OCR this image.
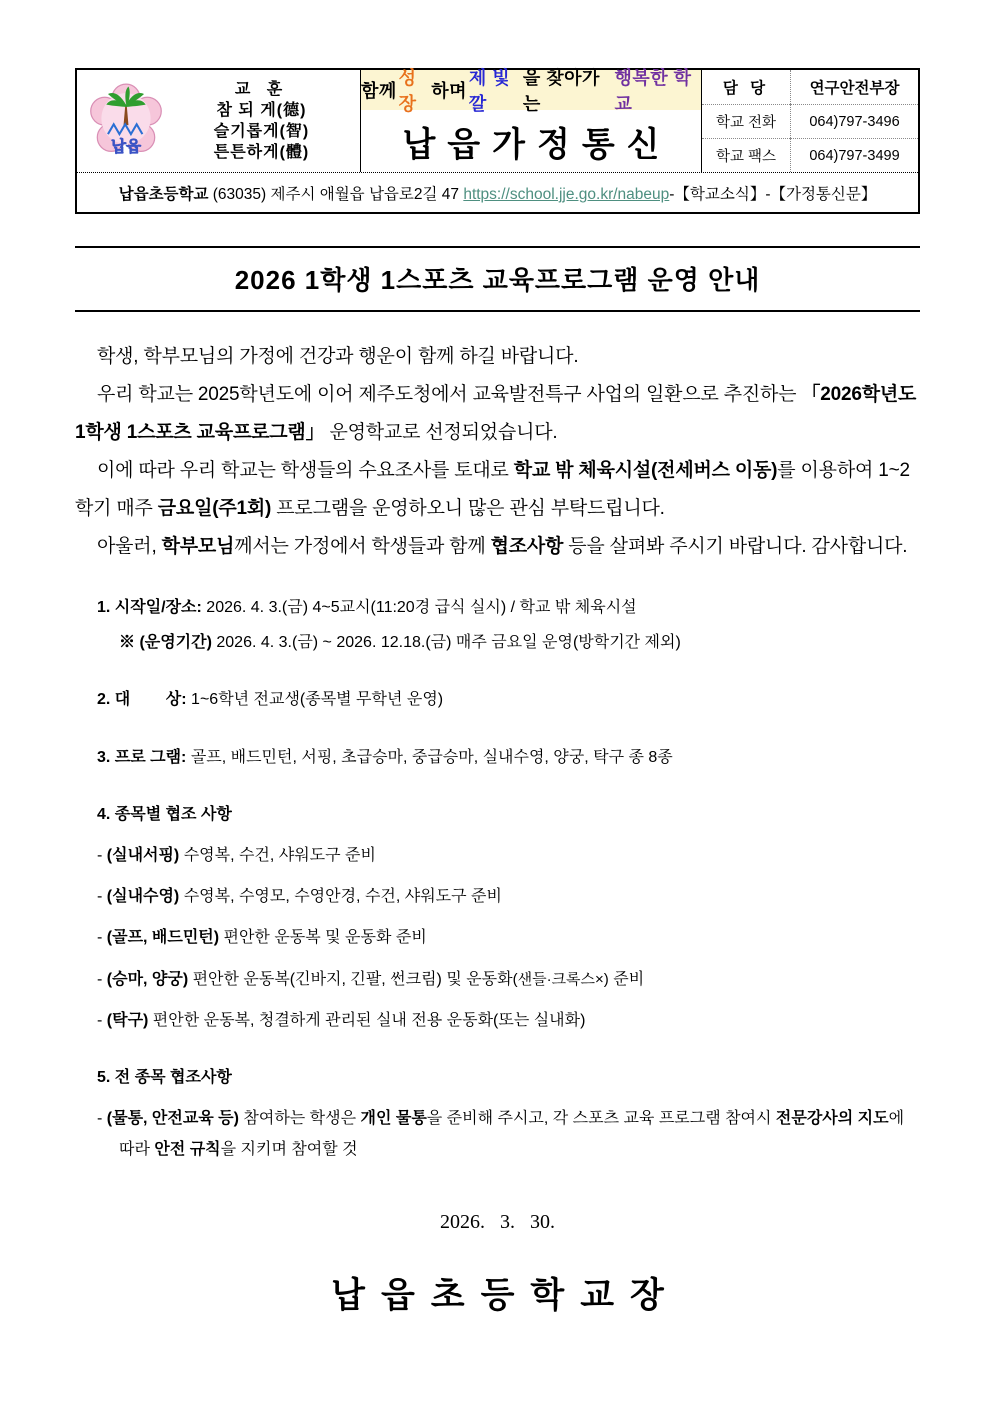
납읍
교 훈
참 되 게(德)
슬기롭게(智)
튼튼하게(體)
함께
성장
하며
제 빛깔
을 찾아가는
행복한 학교
납읍가정통신
담 당	연구안전부장
학교 전화	064)797-3496
학교 팩스	064)797-3499
납읍초등학교 (63035) 제주시 애월읍 납읍로2길 47 https://school.jje.go.kr/nabeup-【학교소식】-【가정통신문】
2026 1학생 1스포츠 교육프로그램 운영 안내

학생, 학부모님의 가정에 건강과 행운이 함께 하길 바랍니다.

우리 학교는 2025학년도에 이어 제주도청에서 교육발전특구 사업의 일환으로 추진하는 「2026학년도 1학생 1스포츠 교육프로그램」 운영학교로 선정되었습니다.

이에 따라 우리 학교는 학생들의 수요조사를 토대로 학교 밖 체육시설(전세버스 이동)를 이용하여 1~2학기 매주 금요일(주1회) 프로그램을 운영하오니 많은 관심 부탁드립니다.

아울러, 학부모님께서는 가정에서 학생들과 함께 협조사항 등을 살펴봐 주시기 바랍니다. 감사합니다.

1. 시작일/장소: 2026. 4. 3.(금) 4~5교시(11:20경 급식 실시) / 학교 밖 체육시설
※ (운영기간) 2026. 4. 3.(금) ~ 2026. 12.18.(금) 매주 금요일 운영(방학기간 제외)
2. 대        상: 1~6학년 전교생(종목별 무학년 운영)
3. 프로 그램: 골프, 배드민턴, 서핑, 초급승마, 중급승마, 실내수영, 양궁, 탁구 종 8종
4. 종목별 협조 사항
- (실내서핑) 수영복, 수건, 샤워도구 준비
- (실내수영) 수영복, 수영모, 수영안경, 수건, 샤워도구 준비
- (골프, 배드민턴) 편안한 운동복 및 운동화 준비
- (승마, 양궁) 편안한 운동복(긴바지, 긴팔, 썬크림) 및 운동화(샌들·크록스×) 준비
- (탁구) 편안한 운동복, 청결하게 관리된 실내 전용 운동화(또는 실내화)
5. 전 종목 협조사항
- (물통, 안전교육 등) 참여하는 학생은 개인 물통을 준비해 주시고, 각 스포츠 교육 프로그램 참여시 전문강사의 지도에 따라 안전 규칙을 지키며 참여할 것
2026.   3.   30.
납읍초등학교장
